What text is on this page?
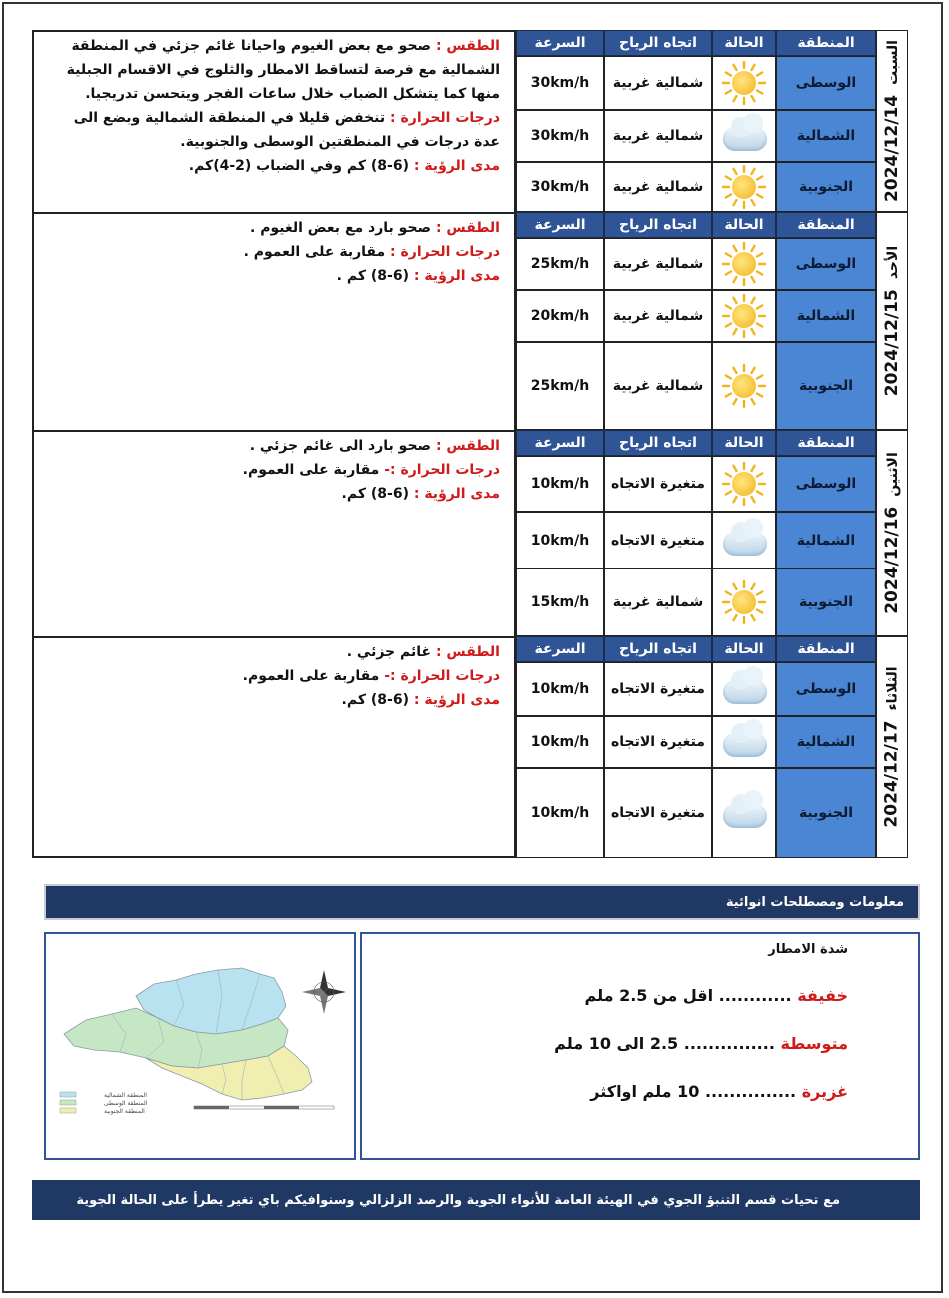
الطقس : صحو مع بعض الغيوم واحيانا غائم جزئي في المنطقة الشمالية مع فرصة لتساقط الامطار والثلوج في الاقسام الجبلية منها كما يتشكل الضباب خلال ساعات الفجر ويتحسن تدريجيا.
درجات الحرارة : تنخفض قليلا في المنطقة الشمالية وبضع الى عدة درجات في المنطقتين الوسطى والجنوبية.
مدى الرؤية : (6-8) كم وفي الضباب (2-4)كم.
السرعة	اتجاه الرياح	الحالة	المنطقة
30km/h	شمالية غربية	الوسطى
30km/h	شمالية غربية	الشمالية
30km/h	شمالية غربية	الجنوبية	2024/12/14السبت
الطقس : صحو بارد مع بعض الغيوم .
درجات الحرارة : مقاربة على العموم .
مدى الرؤية : (6-8) كم .
السرعة	اتجاه الرياح	الحالة	المنطقة
25km/h	شمالية غربية	الوسطى
20km/h	شمالية غربية	الشمالية
25km/h	شمالية غربية	الجنوبية	2024/12/15الأحد
الطقس : صحو بارد الى غائم جزئي .
درجات الحرارة :- مقاربة على العموم.
مدى الرؤية : (6-8) كم.
السرعة	اتجاه الرياح	الحالة	المنطقة
10km/h	متغيرة الاتجاه	الوسطى
10km/h	متغيرة الاتجاه	الشمالية
15km/h	شمالية غربية	الجنوبية	2024/12/16الاثنين
الطقس : غائم جزئي .
درجات الحرارة :- مقاربة على العموم.
مدى الرؤية : (6-8) كم.
السرعة	اتجاه الرياح	الحالة	المنطقة
10km/h	متغيرة الاتجاه	الوسطى
10km/h	متغيرة الاتجاه	الشمالية
10km/h	متغيرة الاتجاه	الجنوبية	2024/12/17الثلاثاء
معلومات ومصطلحات انوائية
المنطقة الشمالية
المنطقة الوسطى
المنطقة الجنوبية
شدة الامطار
خفيفة ............ اقل من 2.5 ملم
متوسطة ............... 2.5 الى 10 ملم
غزيرة ............... 10 ملم اواكثر
مع تحيات قسم التنبؤ الجوي في الهيئة العامة للأنواء الجوية والرصد الزلزالي وسنوافيكم باي تغير يطرأ على الحالة الجوية
